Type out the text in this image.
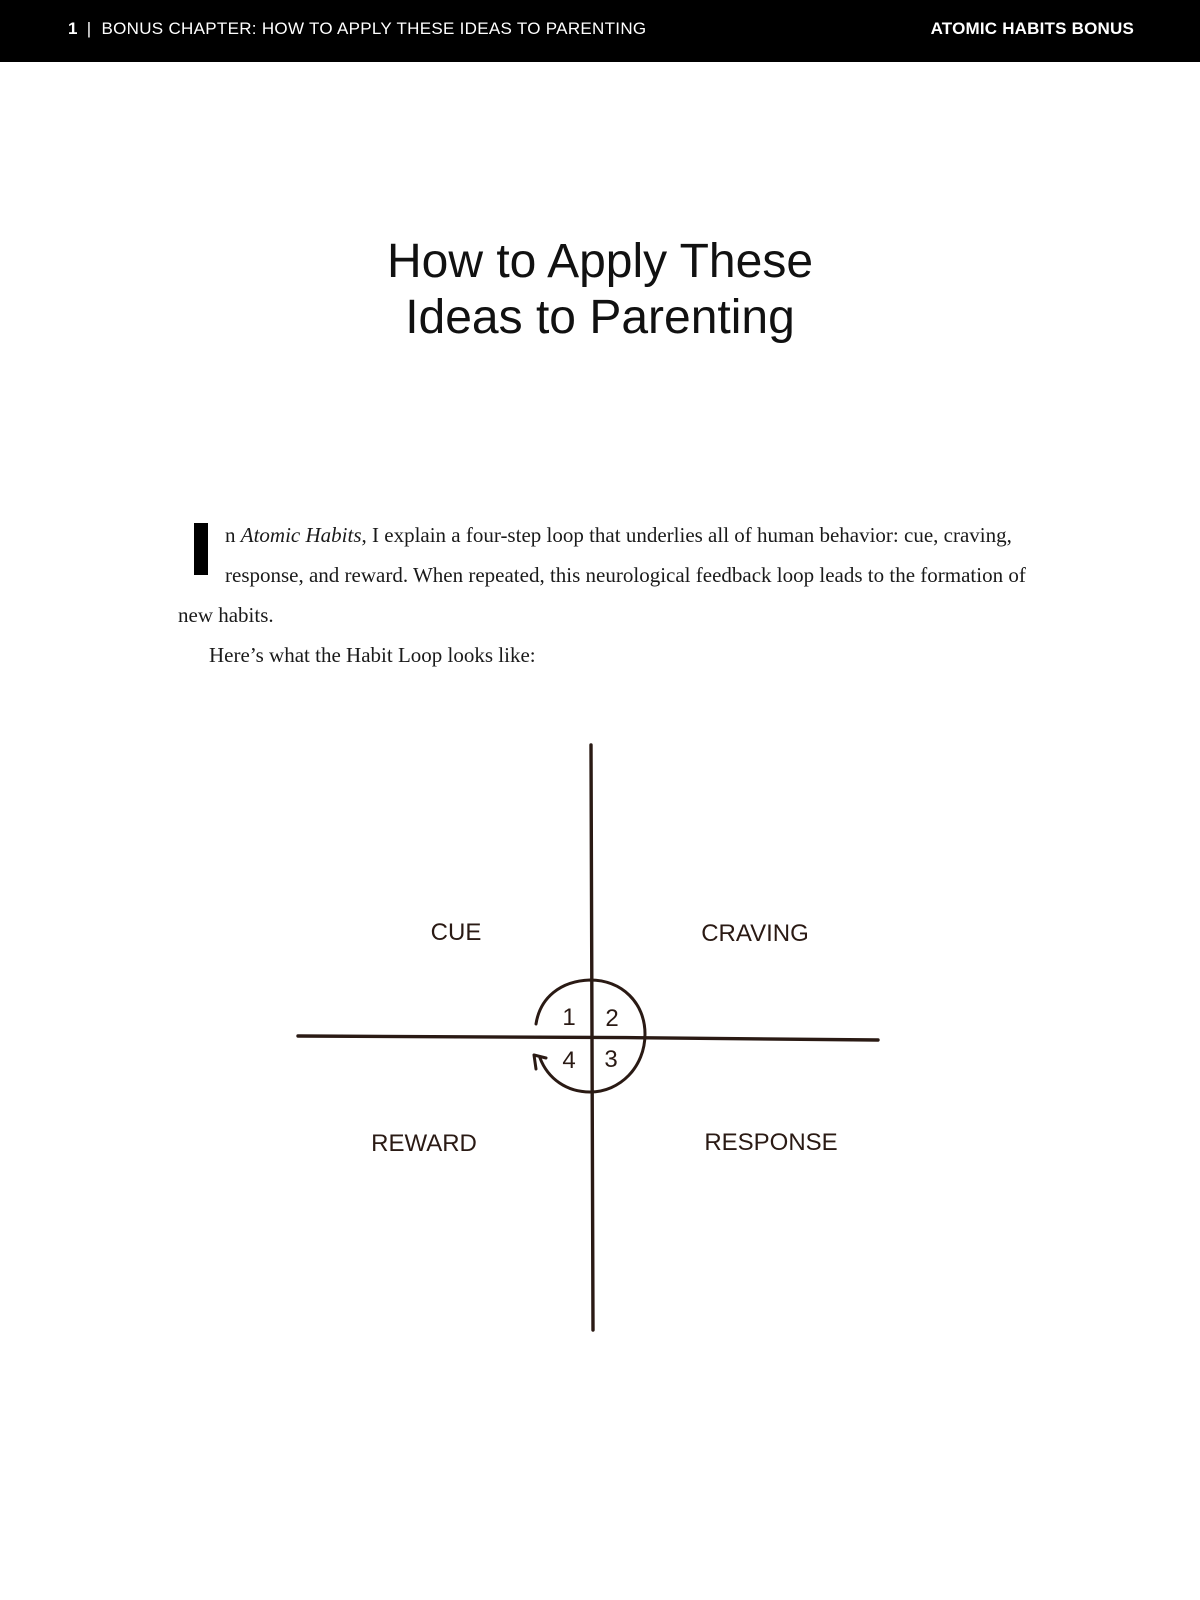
1 | BONUS CHAPTER: HOW TO APPLY THESE IDEAS TO PARENTING	ATOMIC HABITS BONUS
How to Apply These
Ideas to Parenting

n Atomic Habits, I explain a four-step loop that underlies all of human behavior: cue, craving, response, and reward. When repeated, this neurological feedback loop leads to the formation of new habits.

Here’s what the Habit Loop looks like:

CUE	CRAVING
REWARD	RESPONSE
1 2
3
4
